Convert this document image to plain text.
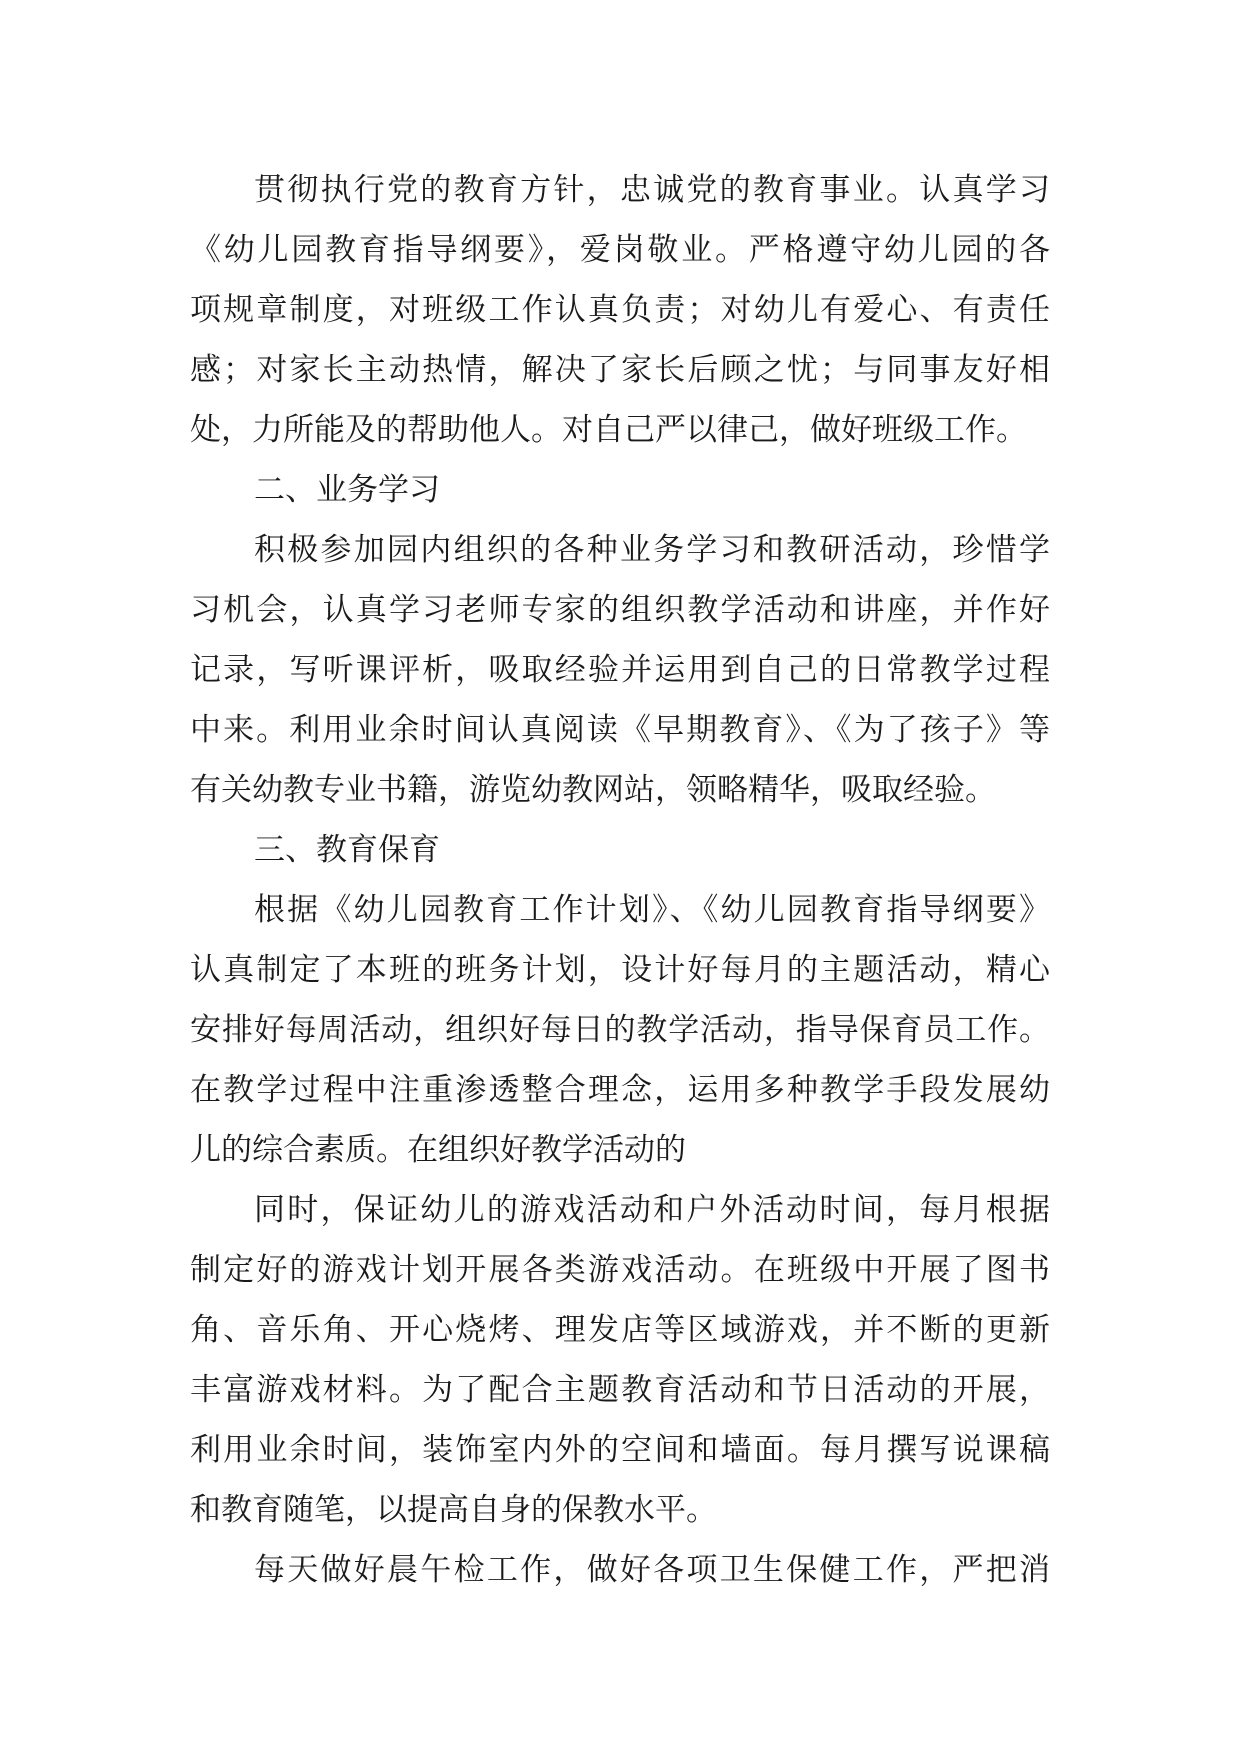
贯彻执行党的教育方针，忠诚党的教育事业。认真学习
《幼儿园教育指导纲要》，爱岗敬业。严格遵守幼儿园的各
项规章制度，对班级工作认真负责；对幼儿有爱心、有责任
感；对家长主动热情，解决了家长后顾之忧；与同事友好相
处，力所能及的帮助他人。对自己严以律己，做好班级工作。
二、业务学习
积极参加园内组织的各种业务学习和教研活动，珍惜学
习机会，认真学习老师专家的组织教学活动和讲座，并作好
记录，写听课评析，吸取经验并运用到自己的日常教学过程
中来。利用业余时间认真阅读《早期教育》、《为了孩子》等
有关幼教专业书籍，游览幼教网站，领略精华，吸取经验。
三、教育保育
根据《幼儿园教育工作计划》、《幼儿园教育指导纲要》
认真制定了本班的班务计划，设计好每月的主题活动，精心
安排好每周活动，组织好每日的教学活动，指导保育员工作。
在教学过程中注重渗透整合理念，运用多种教学手段发展幼
儿的综合素质。在组织好教学活动的
同时，保证幼儿的游戏活动和户外活动时间，每月根据
制定好的游戏计划开展各类游戏活动。在班级中开展了图书
角、音乐角、开心烧烤、理发店等区域游戏，并不断的更新
丰富游戏材料。为了配合主题教育活动和节日活动的开展，
利用业余时间，装饰室内外的空间和墙面。每月撰写说课稿
和教育随笔，以提高自身的保教水平。
每天做好晨午检工作，做好各项卫生保健工作，严把消
